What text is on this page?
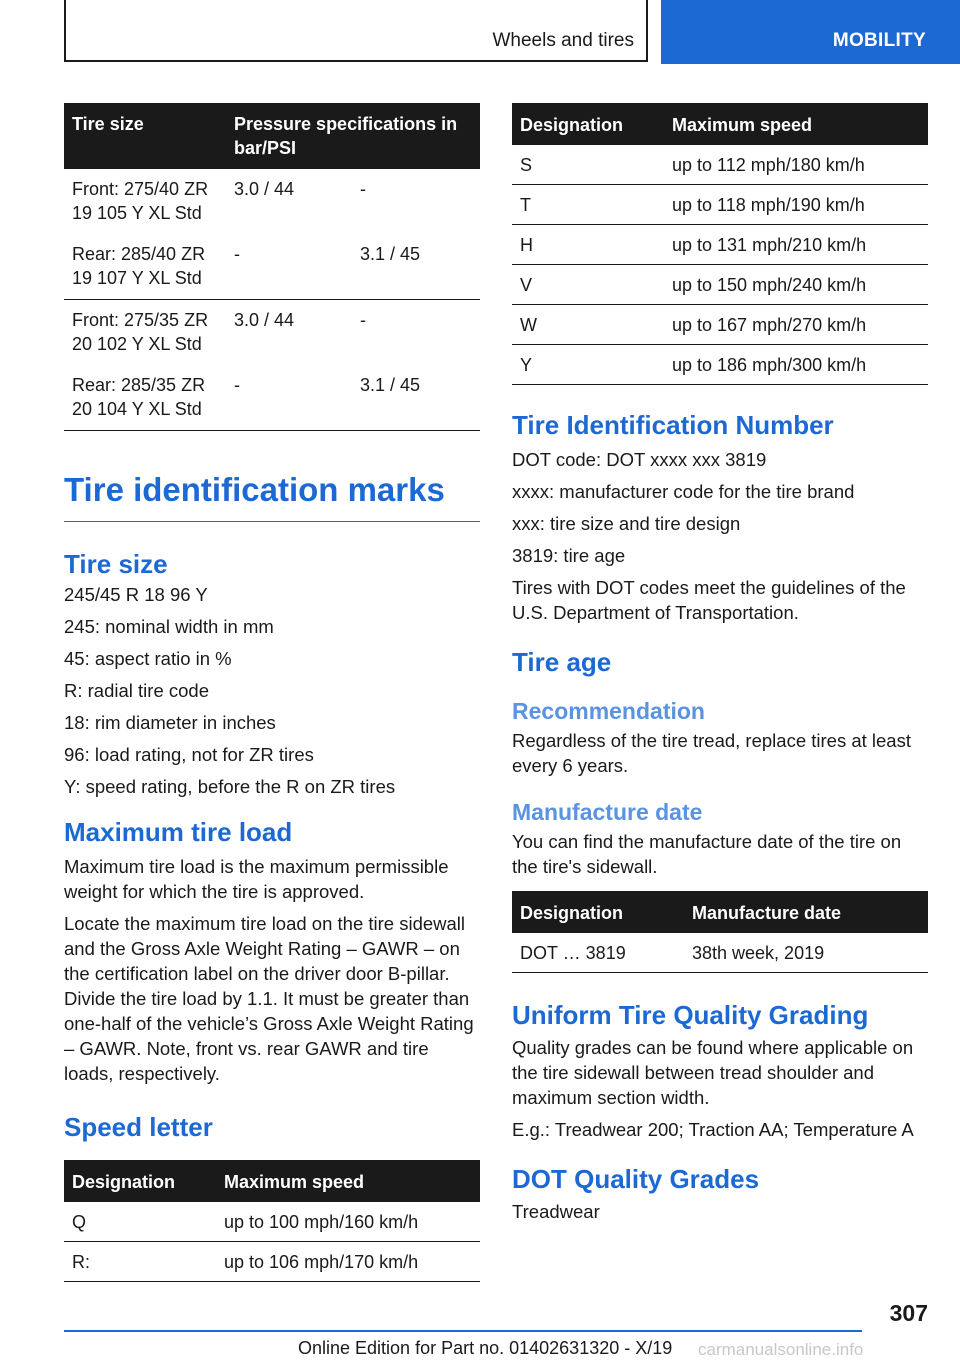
Wheels and tires	MOBILITY
Tire size	Pressure specifications in bar/PSI	
Front: 275/40 ZR 19 105 Y XL Std	3.0 / 44	-
Rear: 285/40 ZR 19 107 Y XL Std	-	3.1 / 45
Front: 275/35 ZR 20 102 Y XL Std	3.0 / 44	-
Rear: 285/35 ZR 20 104 Y XL Std	-	3.1 / 45
Tire identification marks
Tire size

245/45 R 18 96 Y

245: nominal width in mm

45: aspect ratio in %

R: radial tire code

18: rim diameter in inches

96: load rating, not for ZR tires

Y: speed rating, before the R on ZR tires

Maximum tire load

Maximum tire load is the maximum permissible weight for which the tire is approved.

Locate the maximum tire load on the tire sidewall and the Gross Axle Weight Rating – GAWR – on the certification label on the driver door B-pillar. Divide the tire load by 1.1. It must be greater than one-half of the vehicle’s Gross Axle Weight Rating – GAWR. Note, front vs. rear GAWR and tire loads, respectively.

Speed letter
Designation	Maximum speed
Q	up to 100 mph/160 km/h
R:	up to 106 mph/170 km/h
Designation	Maximum speed
S	up to 112 mph/180 km/h
T	up to 118 mph/190 km/h
H	up to 131 mph/210 km/h
V	up to 150 mph/240 km/h
W	up to 167 mph/270 km/h
Y	up to 186 mph/300 km/h
Tire Identification Number

DOT code: DOT xxxx xxx 3819

xxxx: manufacturer code for the tire brand

xxx: tire size and tire design

3819: tire age

Tires with DOT codes meet the guidelines of the U.S. Department of Transportation.

Tire age
Recommendation

Regardless of the tire tread, replace tires at least every 6 years.

Manufacture date

You can find the manufacture date of the tire on the tire's sidewall.

Designation	Manufacture date
DOT … 3819	38th week, 2019
Uniform Tire Quality Grading

Quality grades can be found where applicable on the tire sidewall between tread shoulder and maximum section width.

E.g.: Treadwear 200; Traction AA; Temperature A

DOT Quality Grades

Treadwear

307
Online Edition for Part no. 01402631320 - X/19 carmanualsonline.info
